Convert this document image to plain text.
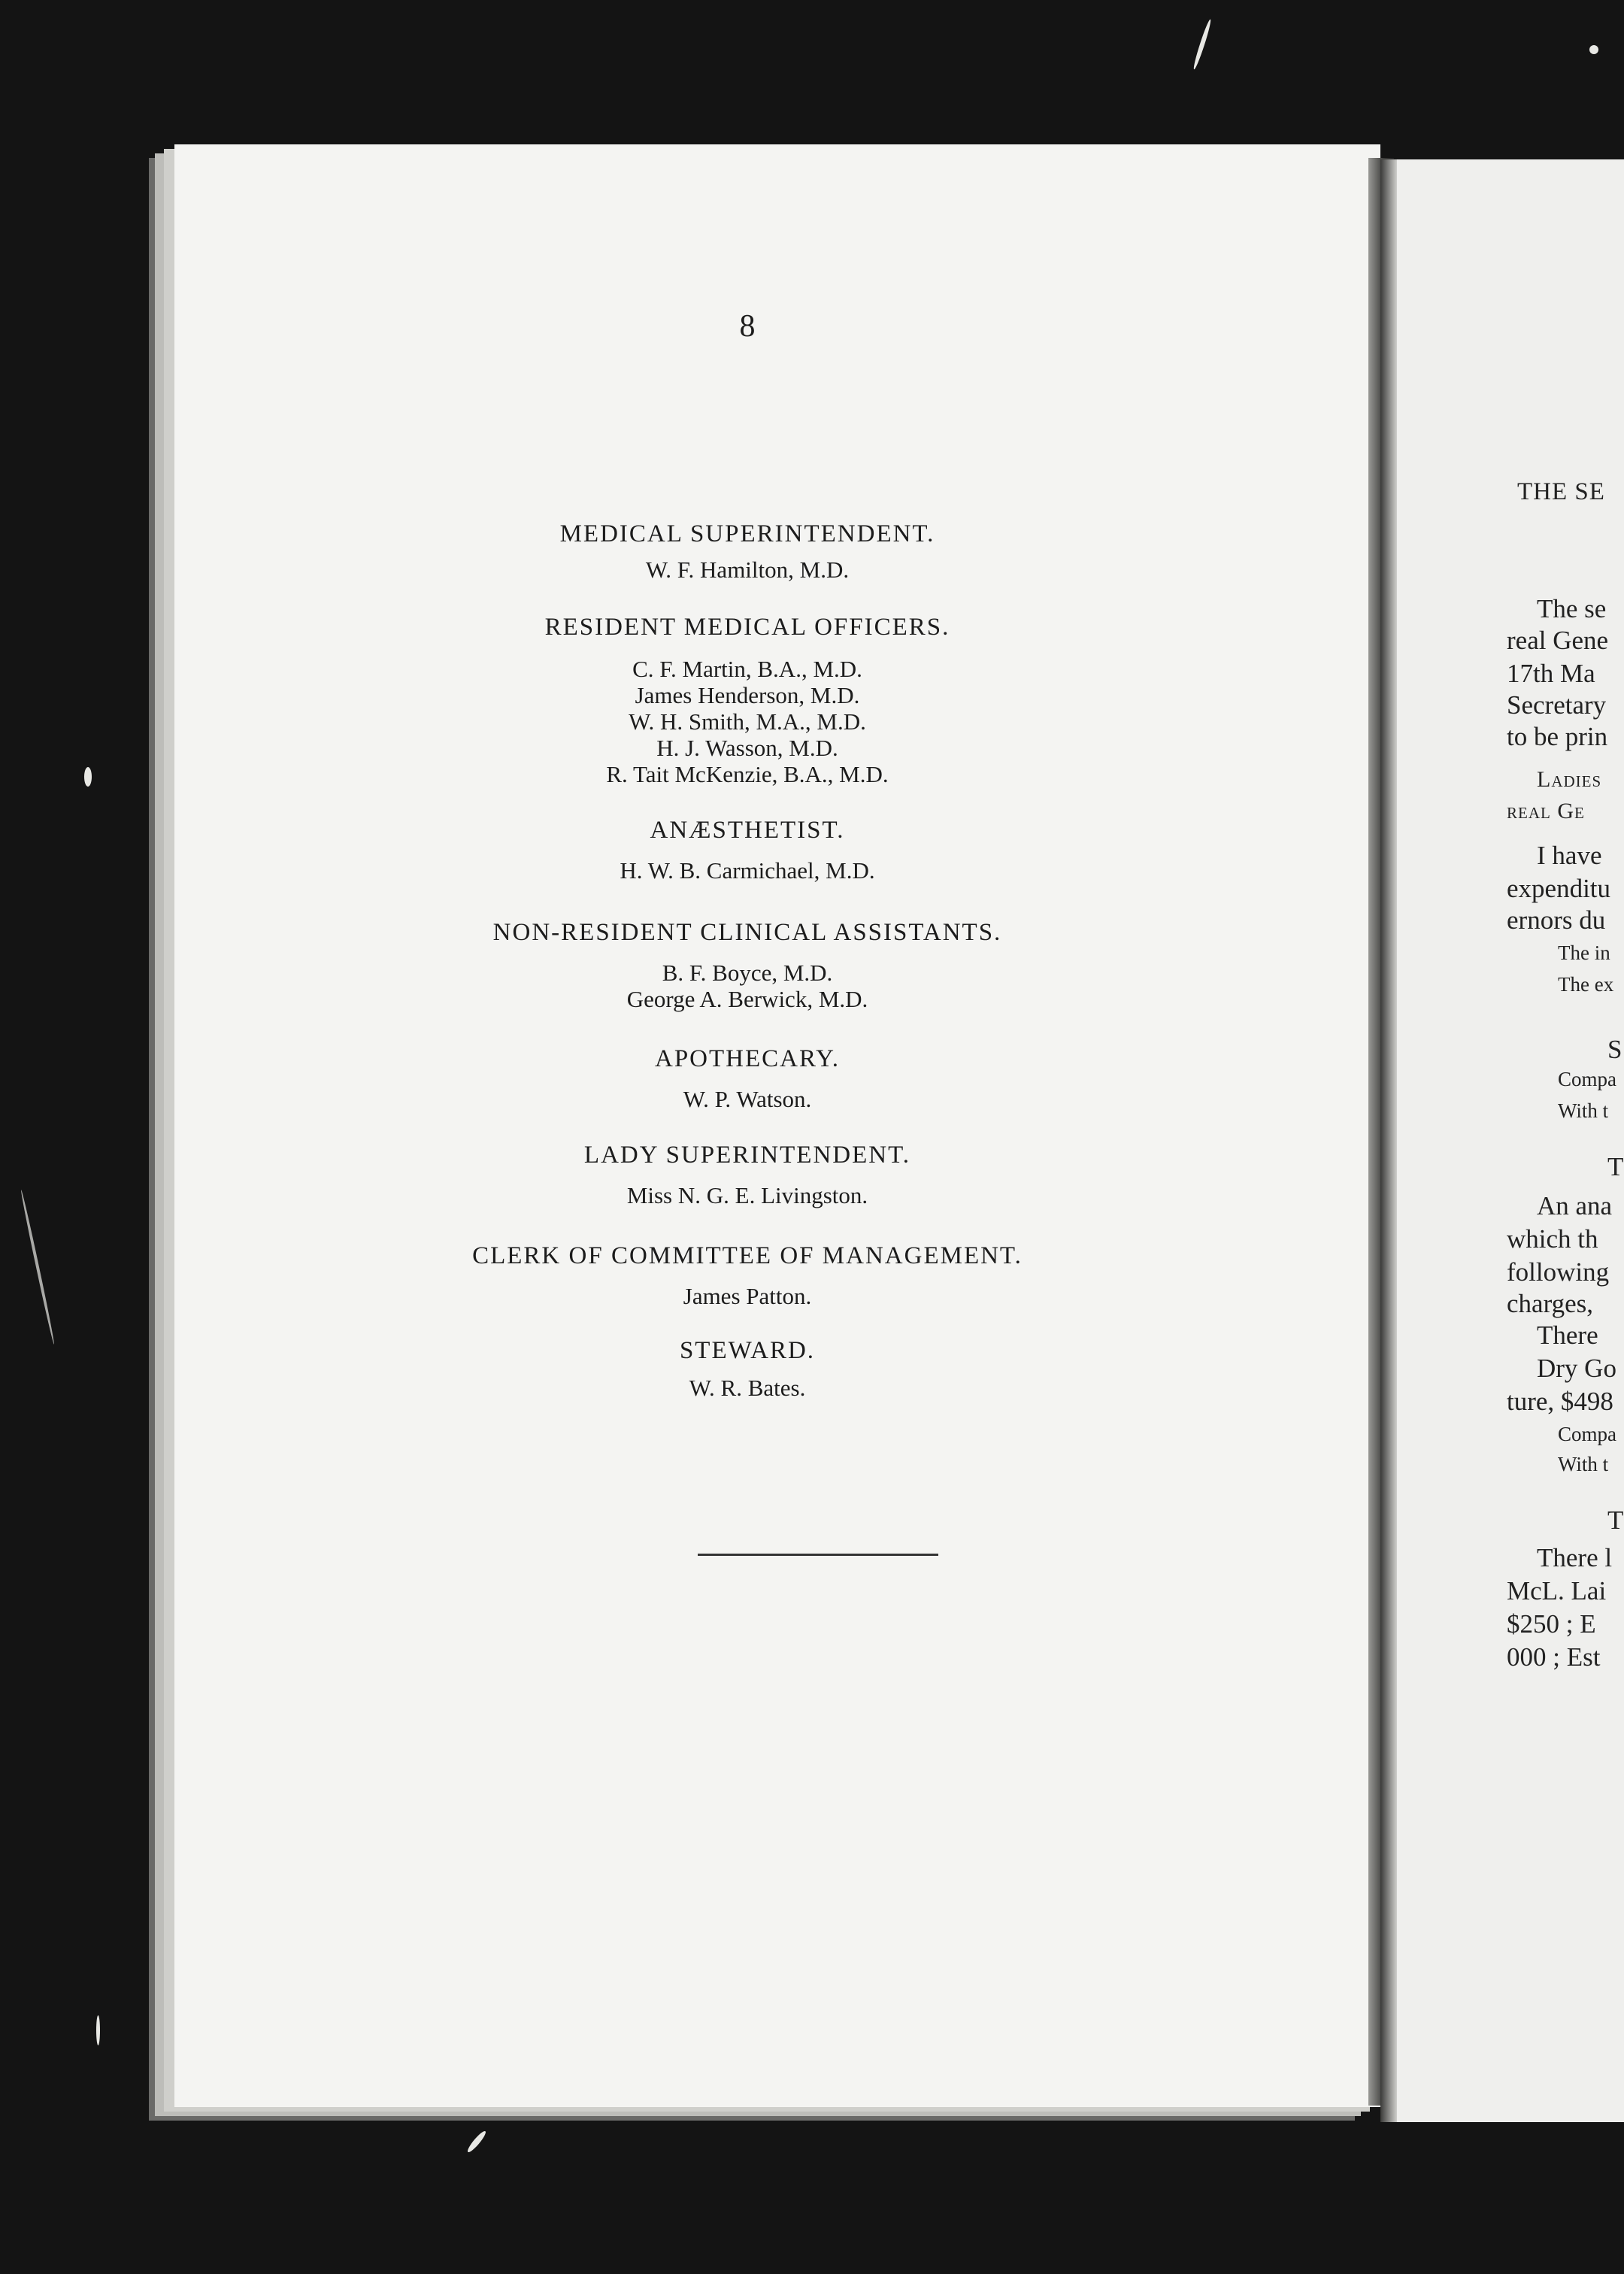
8

MEDICAL SUPERINTENDENT.

W. F. Hamilton, M.D.

RESIDENT MEDICAL OFFICERS.

C. F. Martin, B.A., M.D.
James Henderson, M.D.
W. H. Smith, M.A., M.D.
H. J. Wasson, M.D.
R. Tait McKenzie, B.A., M.D.

ANÆSTHETIST.

H. W. B. Carmichael, M.D.

NON-RESIDENT CLINICAL ASSISTANTS.

B. F. Boyce, M.D.
George A. Berwick, M.D.

APOTHECARY.

W. P. Watson.

LADY SUPERINTENDENT.

Miss N. G. E. Livingston.

CLERK OF COMMITTEE OF MANAGEMENT.

James Patton.

STEWARD.

W. R. Bates.
THE SE
The se
real Gene
17th Ma
Secretary
to be prin
Ladies
real Ge
I have
expenditu
ernors du
The in
The ex
S
Compa
With t
T
An ana
which th
following
charges,
There
Dry Go
ture, $498
Compa
With t
T
There l
McL. Lai
$250 ; E
000 ; Est
